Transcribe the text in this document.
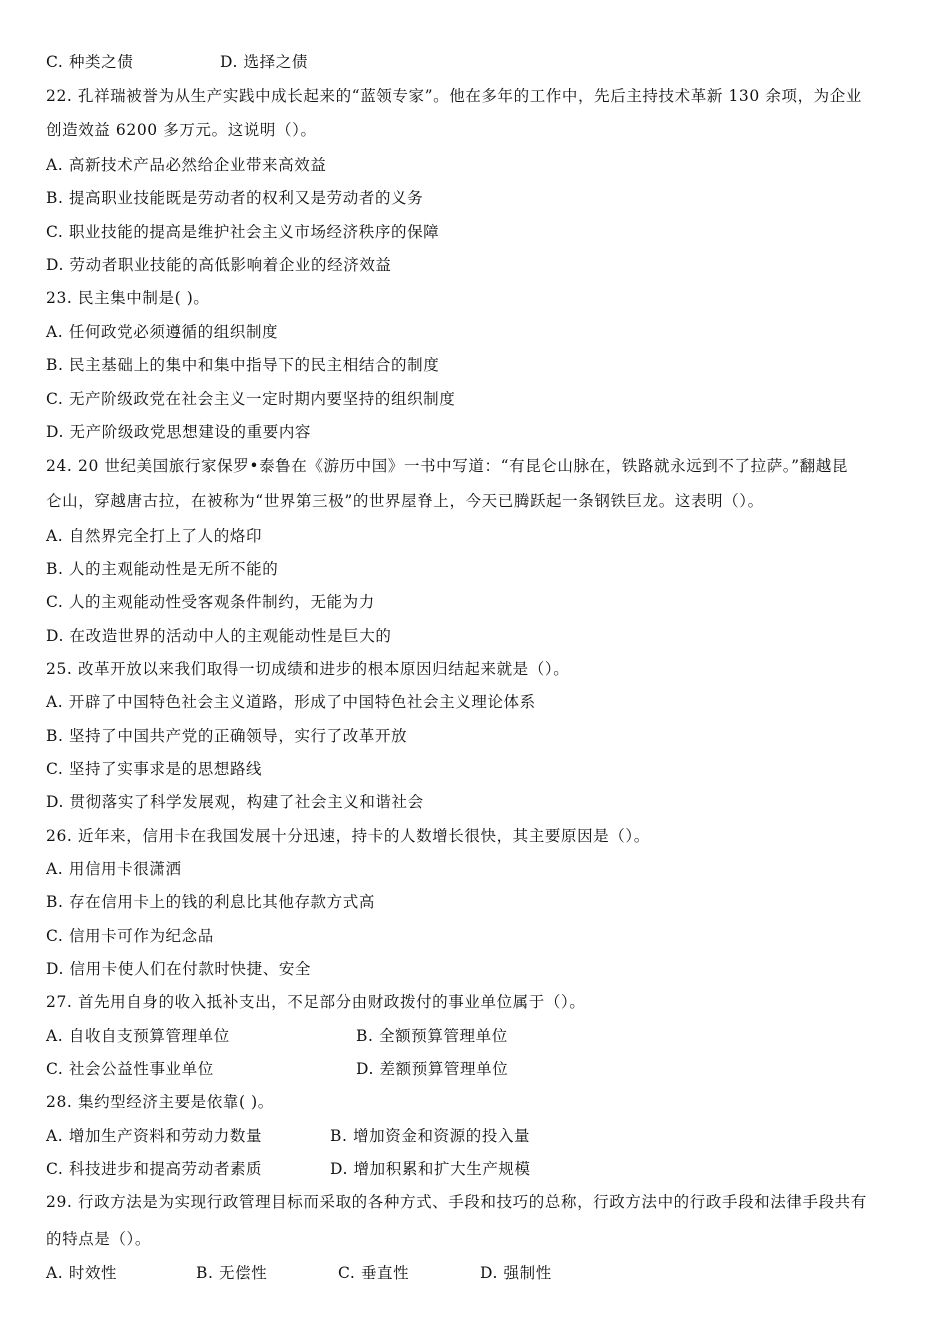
C. 种类之债	D. 选择之债
22. 孔祥瑞被誉为从生产实践中成长起来的“蓝领专家”。他在多年的工作中，先后主持技术革新 130 余项，为企业
创造效益 6200 多万元。这说明（）。
A. 高新技术产品必然给企业带来高效益
B. 提高职业技能既是劳动者的权利又是劳动者的义务
C. 职业技能的提高是维护社会主义市场经济秩序的保障
D. 劳动者职业技能的高低影响着企业的经济效益
23. 民主集中制是( )。
A. 任何政党必须遵循的组织制度
B. 民主基础上的集中和集中指导下的民主相结合的制度
C. 无产阶级政党在社会主义一定时期内要坚持的组织制度
D. 无产阶级政党思想建设的重要内容
24. 20 世纪美国旅行家保罗•泰鲁在《游历中国》一书中写道：“有昆仑山脉在，铁路就永远到不了拉萨。”翻越昆
仑山，穿越唐古拉，在被称为“世界第三极”的世界屋脊上，今天已腾跃起一条钢铁巨龙。这表明（）。
A. 自然界完全打上了人的烙印
B. 人的主观能动性是无所不能的
C. 人的主观能动性受客观条件制约，无能为力
D. 在改造世界的活动中人的主观能动性是巨大的
25. 改革开放以来我们取得一切成绩和进步的根本原因归结起来就是（）。
A. 开辟了中国特色社会主义道路，形成了中国特色社会主义理论体系
B. 坚持了中国共产党的正确领导，实行了改革开放
C. 坚持了实事求是的思想路线
D. 贯彻落实了科学发展观，构建了社会主义和谐社会
26. 近年来，信用卡在我国发展十分迅速，持卡的人数增长很快，其主要原因是（）。
A. 用信用卡很潇洒
B. 存在信用卡上的钱的利息比其他存款方式高
C. 信用卡可作为纪念品
D. 信用卡使人们在付款时快捷、安全
27. 首先用自身的收入抵补支出，不足部分由财政拨付的事业单位属于（）。
A. 自收自支预算管理单位	B. 全额预算管理单位
C. 社会公益性事业单位	D. 差额预算管理单位
28. 集约型经济主要是依靠( )。
A. 增加生产资料和劳动力数量	B. 增加资金和资源的投入量
C. 科技进步和提高劳动者素质	D. 增加积累和扩大生产规模
29. 行政方法是为实现行政管理目标而采取的各种方式、手段和技巧的总称，行政方法中的行政手段和法律手段共有
的特点是（）。
A. 时效性	B. 无偿性	C. 垂直性	D. 强制性
